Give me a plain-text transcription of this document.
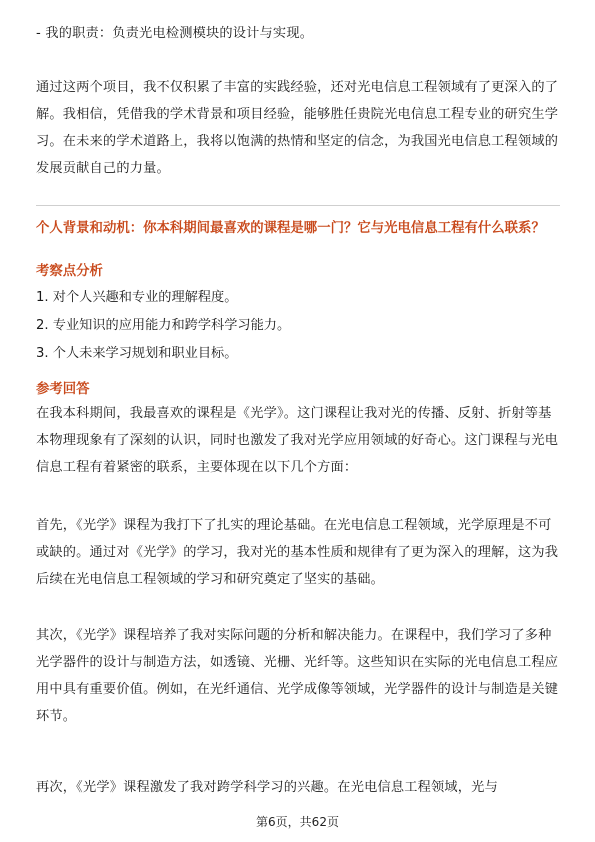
- 我的职责：负责光电检测模块的设计与实现。
通过这两个项目，我不仅积累了丰富的实践经验，还对光电信息工程领域有了更深入的了解。我相信，凭借我的学术背景和项目经验，能够胜任贵院光电信息工程专业的研究生学习。在未来的学术道路上，我将以饱满的热情和坚定的信念，为我国光电信息工程领域的发展贡献自己的力量。
个人背景和动机：你本科期间最喜欢的课程是哪一门？它与光电信息工程有什么联系？
考察点分析
1. 对个人兴趣和专业的理解程度。
2. 专业知识的应用能力和跨学科学习能力。
3. 个人未来学习规划和职业目标。
参考回答
在我本科期间，我最喜欢的课程是《光学》。这门课程让我对光的传播、反射、折射等基本物理现象有了深刻的认识，同时也激发了我对光学应用领域的好奇心。这门课程与光电信息工程有着紧密的联系，主要体现在以下几个方面：
首先，《光学》课程为我打下了扎实的理论基础。在光电信息工程领域，光学原理是不可或缺的。通过对《光学》的学习，我对光的基本性质和规律有了更为深入的理解，这为我后续在光电信息工程领域的学习和研究奠定了坚实的基础。
其次，《光学》课程培养了我对实际问题的分析和解决能力。在课程中，我们学习了多种光学器件的设计与制造方法，如透镜、光栅、光纤等。这些知识在实际的光电信息工程应用中具有重要价值。例如，在光纤通信、光学成像等领域，光学器件的设计与制造是关键环节。
再次，《光学》课程激发了我对跨学科学习的兴趣。在光电信息工程领域，光与
第6页，共62页
